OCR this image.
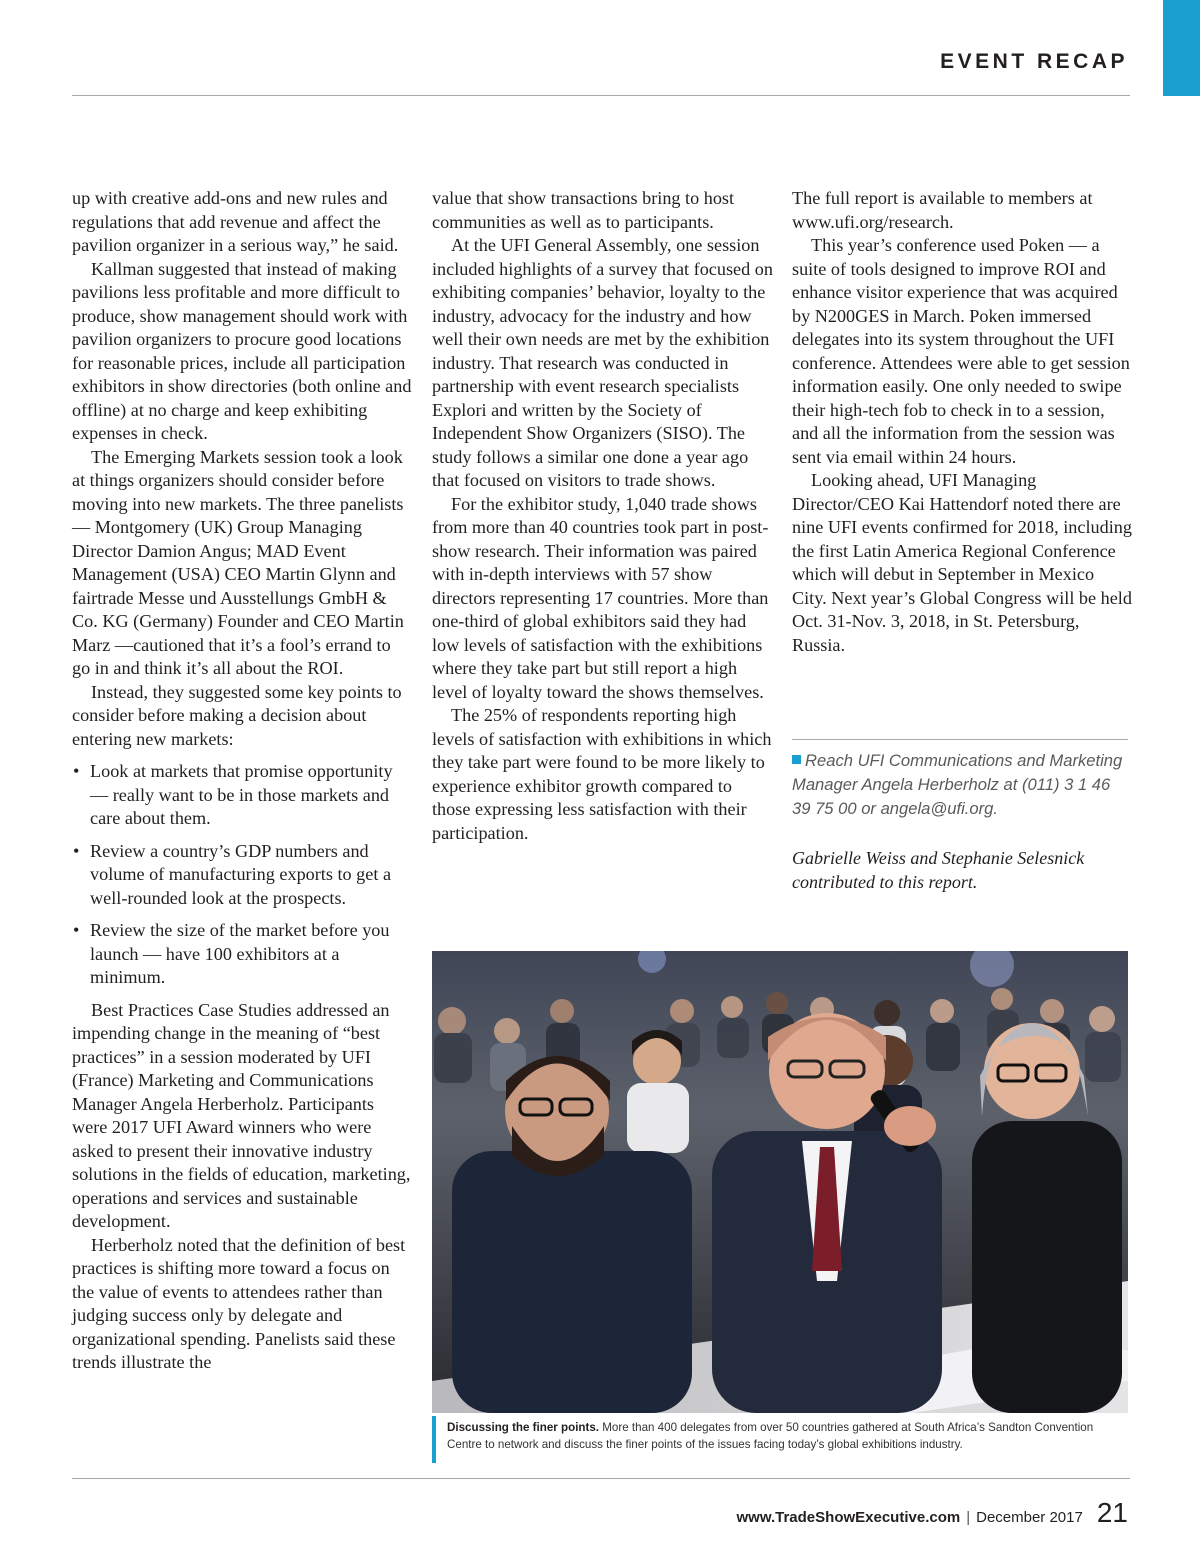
EVENT RECAP

up with creative add-ons and new rules and regulations that add revenue and affect the pavilion organizer in a serious way,” he said.

Kallman suggested that instead of making pavilions less profitable and more difficult to produce, show management should work with pavilion organizers to procure good locations for reasonable prices, include all participation exhibitors in show directories (both online and offline) at no charge and keep exhibiting expenses in check.

The Emerging Markets session took a look at things organizers should consider before moving into new markets. The three panelists — Montgomery (UK) Group Managing Director Damion Angus; MAD Event Management (USA) CEO Martin Glynn and fairtrade Messe und Ausstellungs GmbH & Co. KG (Germany) Founder and CEO Martin Marz —cautioned that it’s a fool’s errand to go in and think it’s all about the ROI.

Instead, they suggested some key points to consider before making a decision about entering new markets:

• Look at markets that promise opportunity — really want to be in those markets and care about them.
• Review a country’s GDP numbers and volume of manufacturing exports to get a well-rounded look at the prospects.
• Review the size of the market before you launch — have 100 exhibitors at a minimum.

Best Practices Case Studies addressed an impending change in the meaning of “best practices” in a session moderated by UFI (France) Marketing and Communications Manager Angela Herberholz. Participants were 2017 UFI Award winners who were asked to present their innovative industry solutions in the fields of education, marketing, operations and services and sustainable development.

Herberholz noted that the definition of best practices is shifting more toward a focus on the value of events to attendees rather than judging success only by delegate and organizational spending. Panelists said these trends illustrate the

value that show transactions bring to host communities as well as to participants.

At the UFI General Assembly, one session included highlights of a survey that focused on exhibiting companies’ behavior, loyalty to the industry, advocacy for the industry and how well their own needs are met by the exhibition industry. That research was conducted in partnership with event research specialists Explori and written by the Society of Independent Show Organizers (SISO). The study follows a similar one done a year ago that focused on visitors to trade shows.

For the exhibitor study, 1,040 trade shows from more than 40 countries took part in post-show research. Their information was paired with in-depth interviews with 57 show directors representing 17 countries. More than one-third of global exhibitors said they had low levels of satisfaction with the exhibitions where they take part but still report a high level of loyalty toward the shows themselves.

The 25% of respondents reporting high levels of satisfaction with exhibitions in which they take part were found to be more likely to experience exhibitor growth compared to those expressing less satisfaction with their participation.

The full report is available to members at www.ufi.org/research.

This year’s conference used Poken — a suite of tools designed to improve ROI and enhance visitor experience that was acquired by N200GES in March. Poken immersed delegates into its system throughout the UFI conference. Attendees were able to get session information easily. One only needed to swipe their high-tech fob to check in to a session, and all the information from the session was sent via email within 24 hours.

Looking ahead, UFI Managing Director/CEO Kai Hattendorf noted there are nine UFI events confirmed for 2018, including the first Latin America Regional Conference which will debut in September in Mexico City. Next year’s Global Congress will be held Oct. 31-Nov. 3, 2018, in St. Petersburg, Russia.

Reach UFI Communications and Marketing Manager Angela Herberholz at (011) 3 1 46 39 75 00 or angela@ufi.org.

Gabrielle Weiss and Stephanie Selesnick contributed to this report.

Discussing the finer points. More than 400 delegates from over 50 countries gathered at South Africa’s Sandton Convention Centre to network and discuss the finer points of the issues facing today’s global exhibitions industry.
www.TradeShowExecutive.com | December 2017 21
